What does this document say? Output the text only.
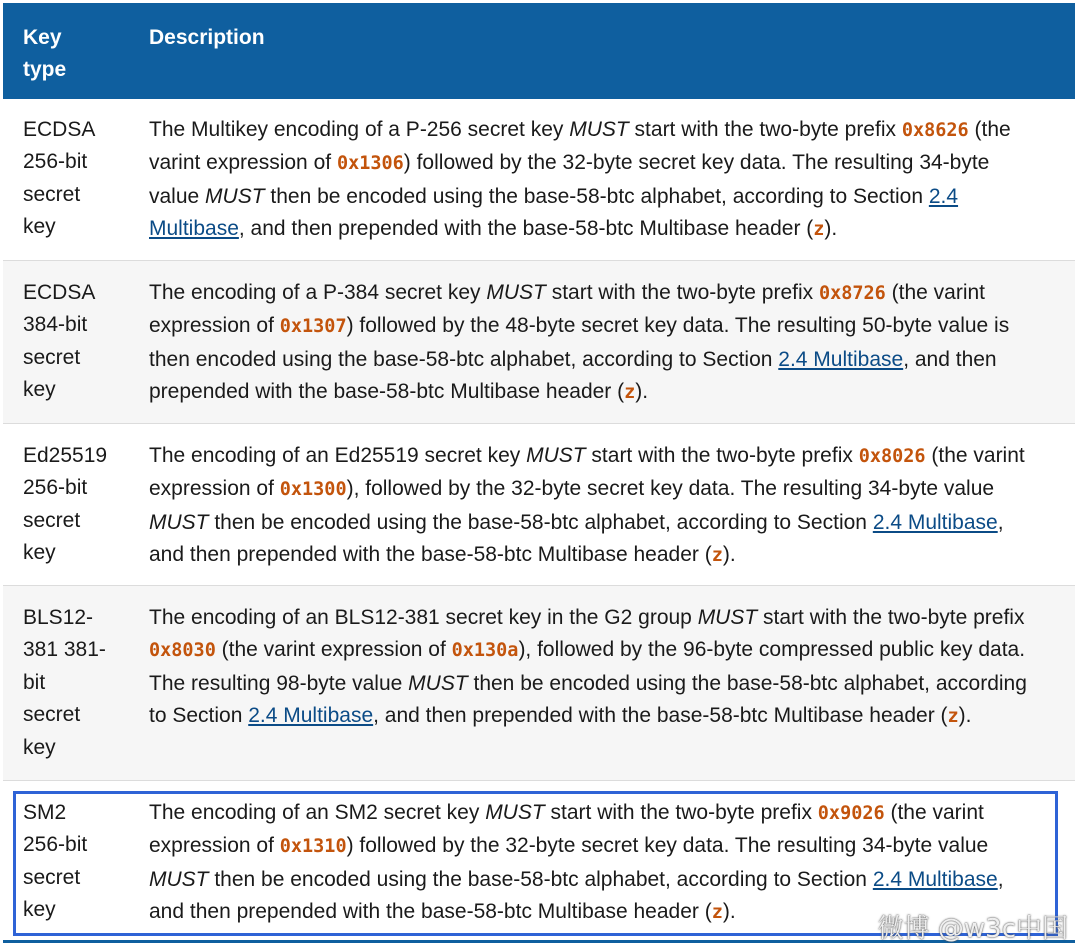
Key
type
Description
ECDSA
256-bit
secret
key
The Multikey encoding of a P-256 secret key MUST start with the two-byte prefix 0x8626 (the
varint expression of 0x1306) followed by the 32-byte secret key data. The resulting 34-byte
value MUST then be encoded using the base-58-btc alphabet, according to Section 2.4
Multibase, and then prepended with the base-58-btc Multibase header (z).
ECDSA
384-bit
secret
key
The encoding of a P-384 secret key MUST start with the two-byte prefix 0x8726 (the varint
expression of 0x1307) followed by the 48-byte secret key data. The resulting 50-byte value is
then encoded using the base-58-btc alphabet, according to Section 2.4 Multibase, and then
prepended with the base-58-btc Multibase header (z).
Ed25519
256-bit
secret
key
The encoding of an Ed25519 secret key MUST start with the two-byte prefix 0x8026 (the varint
expression of 0x1300), followed by the 32-byte secret key data. The resulting 34-byte value
MUST then be encoded using the base-58-btc alphabet, according to Section 2.4 Multibase,
and then prepended with the base-58-btc Multibase header (z).
BLS12-
381 381-
bit
secret
key
The encoding of an BLS12-381 secret key in the G2 group MUST start with the two-byte prefix
0x8030 (the varint expression of 0x130a), followed by the 96-byte compressed public key data.
The resulting 98-byte value MUST then be encoded using the base-58-btc alphabet, according
to Section 2.4 Multibase, and then prepended with the base-58-btc Multibase header (z).
SM2
256-bit
secret
key
The encoding of an SM2 secret key MUST start with the two-byte prefix 0x9026 (the varint
expression of 0x1310) followed by the 32-byte secret key data. The resulting 34-byte value
MUST then be encoded using the base-58-btc alphabet, according to Section 2.4 Multibase,
and then prepended with the base-58-btc Multibase header (z).
微博 @w3c中国
